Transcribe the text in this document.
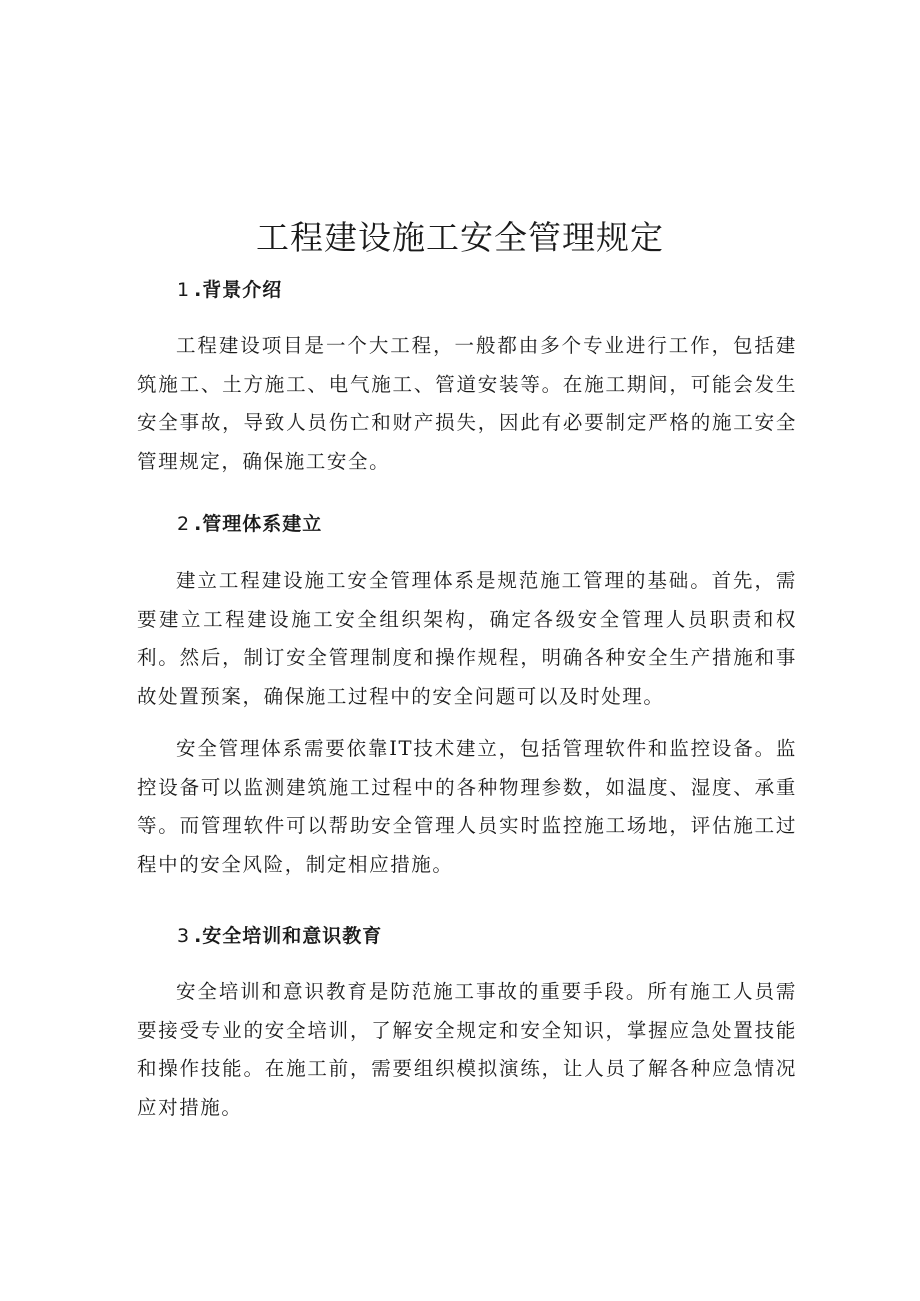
工程建设施工安全管理规定

1 .背景介绍

工程建设项目是一个大工程，一般都由多个专业进行工作，包括建筑施工、土方施工、电气施工、管道安装等。在施工期间，可能会发生安全事故，导致人员伤亡和财产损失，因此有必要制定严格的施工安全管理规定，确保施工安全。

2 .管理体系建立

建立工程建设施工安全管理体系是规范施工管理的基础。首先，需要建立工程建设施工安全组织架构，确定各级安全管理人员职责和权利。然后，制订安全管理制度和操作规程，明确各种安全生产措施和事故处置预案，确保施工过程中的安全问题可以及时处理。

安全管理体系需要依靠IT技术建立，包括管理软件和监控设备。监控设备可以监测建筑施工过程中的各种物理参数，如温度、湿度、承重等。而管理软件可以帮助安全管理人员实时监控施工场地，评估施工过程中的安全风险，制定相应措施。

3 .安全培训和意识教育

安全培训和意识教育是防范施工事故的重要手段。所有施工人员需要接受专业的安全培训，了解安全规定和安全知识，掌握应急处置技能和操作技能。在施工前，需要组织模拟演练，让人员了解各种应急情况应对措施。
